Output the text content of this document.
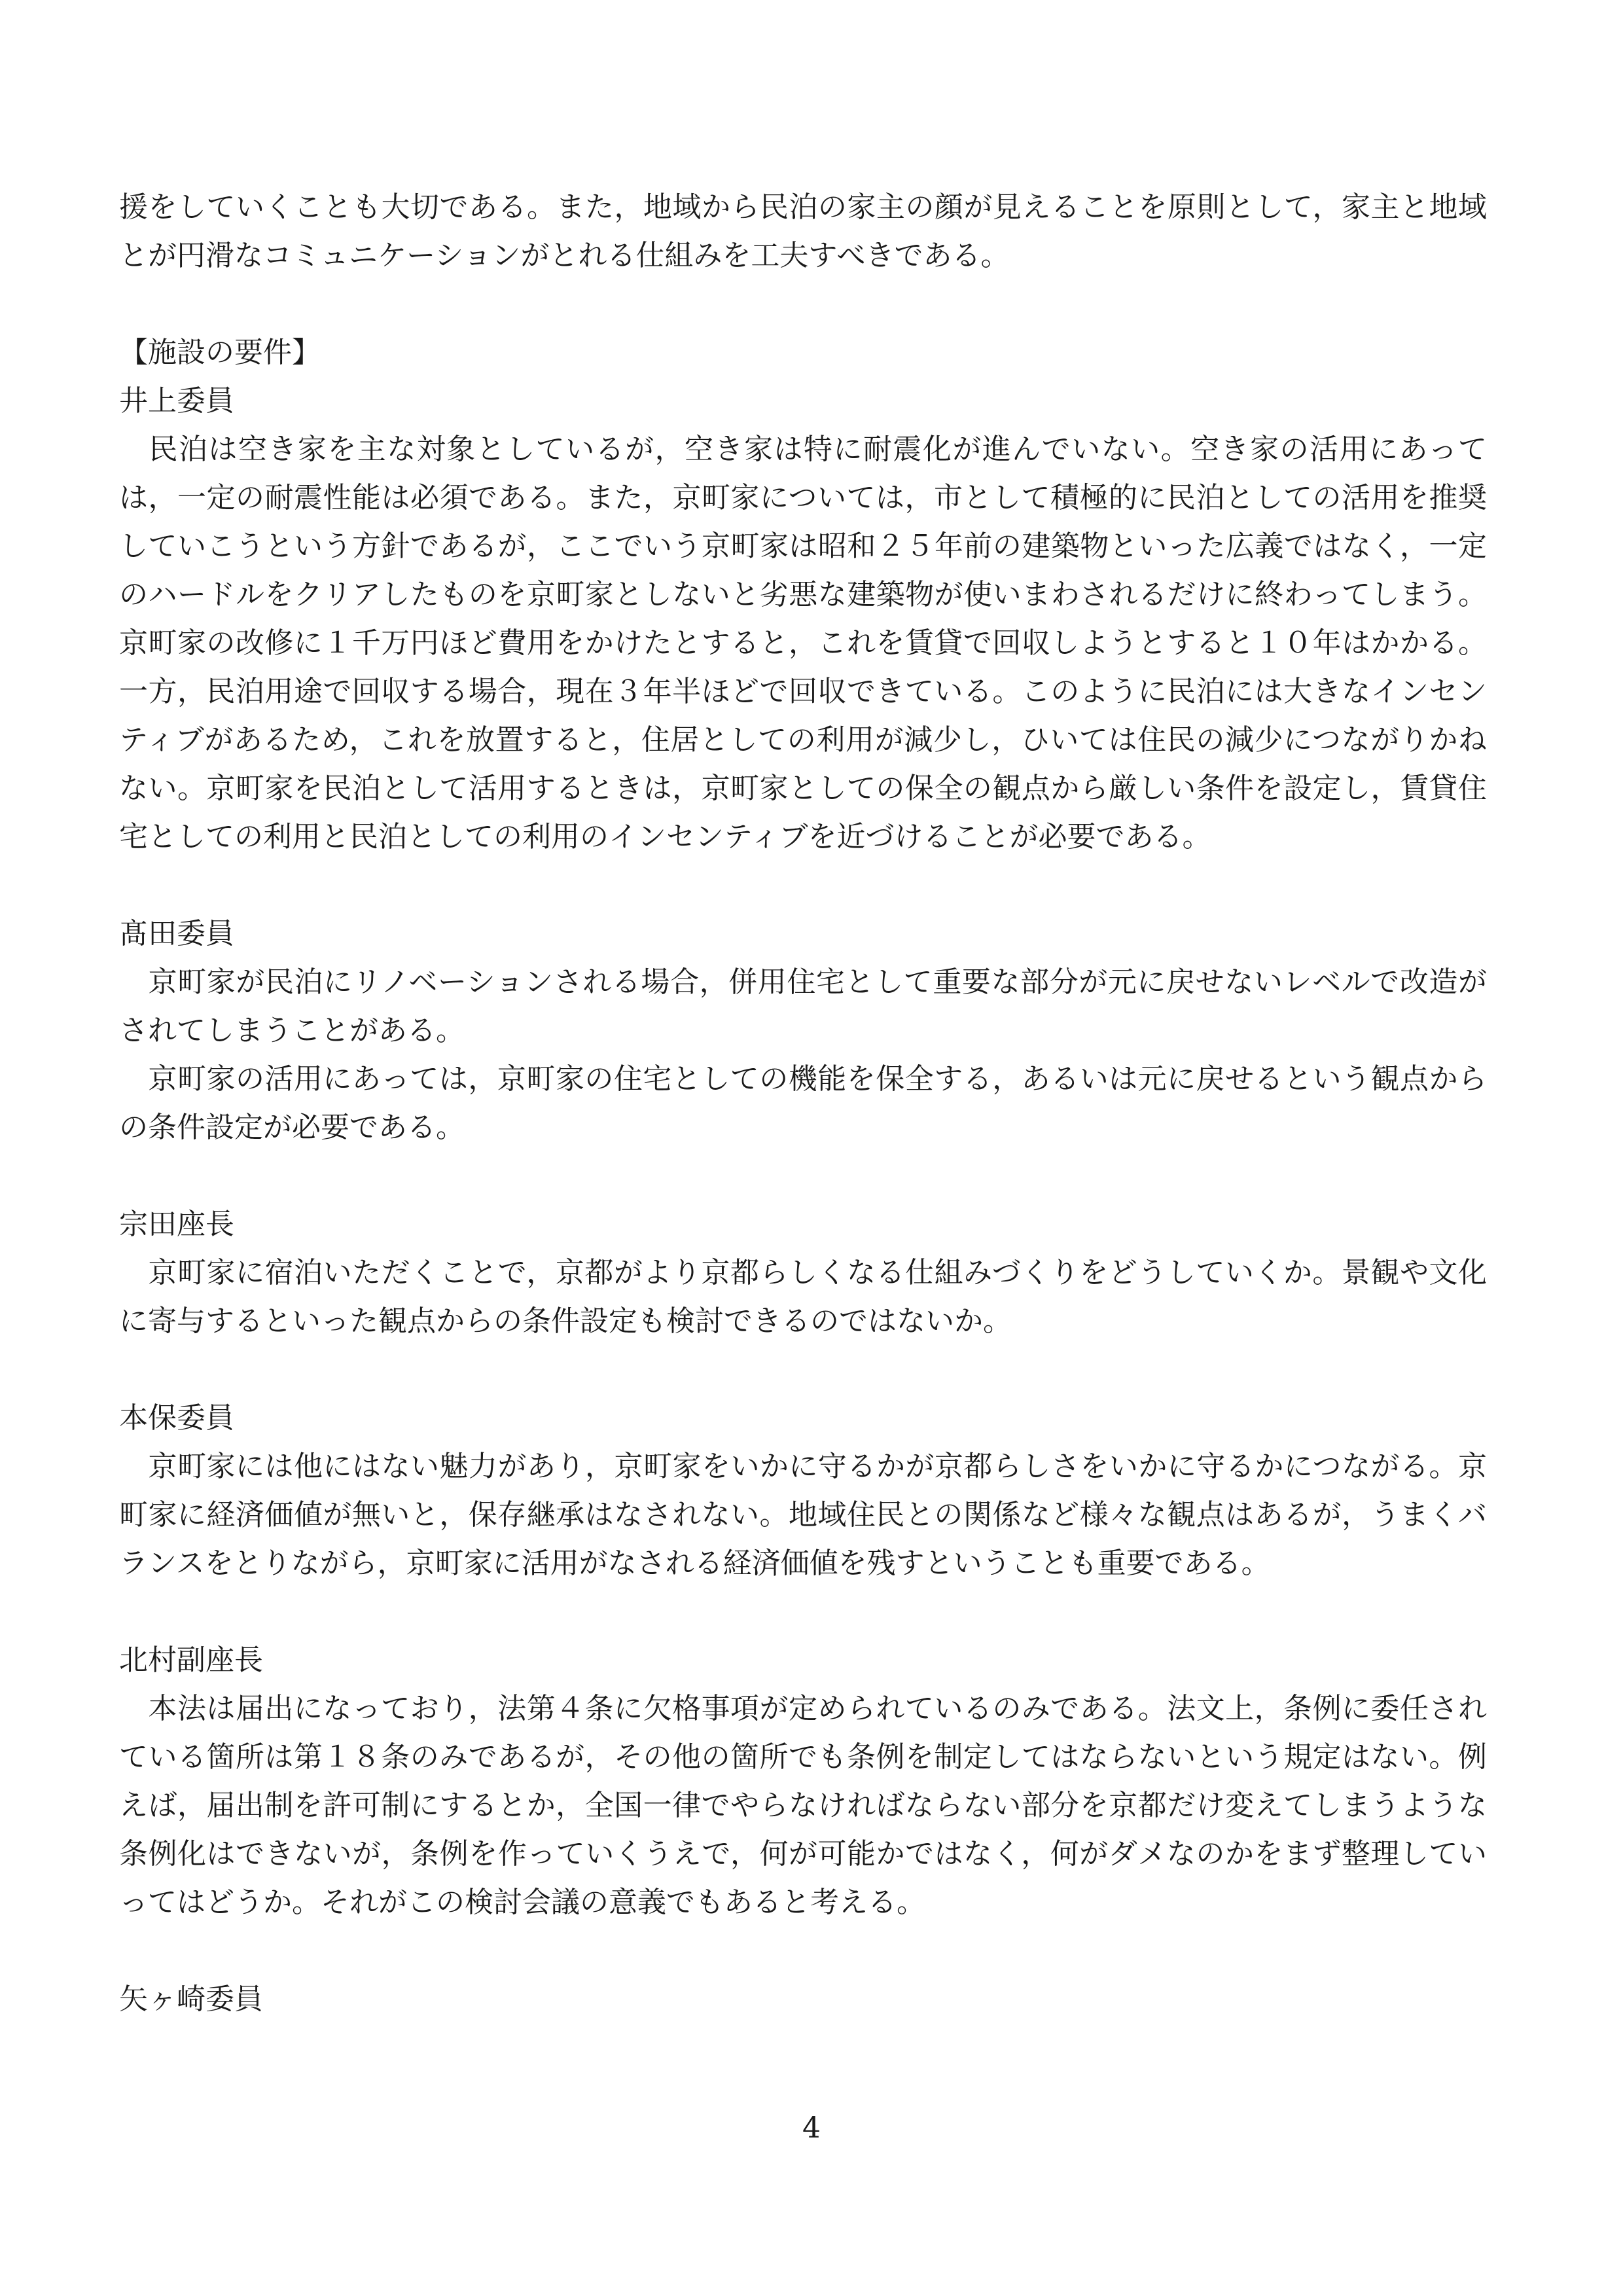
援をしていくことも大切である。また，地域から民泊の家主の顔が見えることを原則として，家主と地域とが円滑なコミュニケーションがとれる仕組みを工夫すべきである。

【施設の要件】

井上委員

　民泊は空き家を主な対象としているが，空き家は特に耐震化が進んでいない。空き家の活用にあっては，一定の耐震性能は必須である。また，京町家については，市として積極的に民泊としての活用を推奨していこうという方針であるが，ここでいう京町家は昭和２５年前の建築物といった広義ではなく，一定のハードルをクリアしたものを京町家としないと劣悪な建築物が使いまわされるだけに終わってしまう。京町家の改修に１千万円ほど費用をかけたとすると，これを賃貸で回収しようとすると１０年はかかる。一方，民泊用途で回収する場合，現在３年半ほどで回収できている。このように民泊には大きなインセンティブがあるため，これを放置すると，住居としての利用が減少し，ひいては住民の減少につながりかねない。京町家を民泊として活用するときは，京町家としての保全の観点から厳しい条件を設定し，賃貸住宅としての利用と民泊としての利用のインセンティブを近づけることが必要である。

髙田委員

　京町家が民泊にリノベーションされる場合，併用住宅として重要な部分が元に戻せないレベルで改造がされてしまうことがある。

　京町家の活用にあっては，京町家の住宅としての機能を保全する，あるいは元に戻せるという観点からの条件設定が必要である。

宗田座長

　京町家に宿泊いただくことで，京都がより京都らしくなる仕組みづくりをどうしていくか。景観や文化に寄与するといった観点からの条件設定も検討できるのではないか。

本保委員

　京町家には他にはない魅力があり，京町家をいかに守るかが京都らしさをいかに守るかにつながる。京町家に経済価値が無いと，保存継承はなされない。地域住民との関係など様々な観点はあるが，うまくバランスをとりながら，京町家に活用がなされる経済価値を残すということも重要である。

北村副座長

　本法は届出になっており，法第４条に欠格事項が定められているのみである。法文上，条例に委任されている箇所は第１８条のみであるが，その他の箇所でも条例を制定してはならないという規定はない。例えば，届出制を許可制にするとか，全国一律でやらなければならない部分を京都だけ変えてしまうような条例化はできないが，条例を作っていくうえで，何が可能かではなく，何がダメなのかをまず整理していってはどうか。それがこの検討会議の意義でもあると考える。

矢ヶ崎委員

4
